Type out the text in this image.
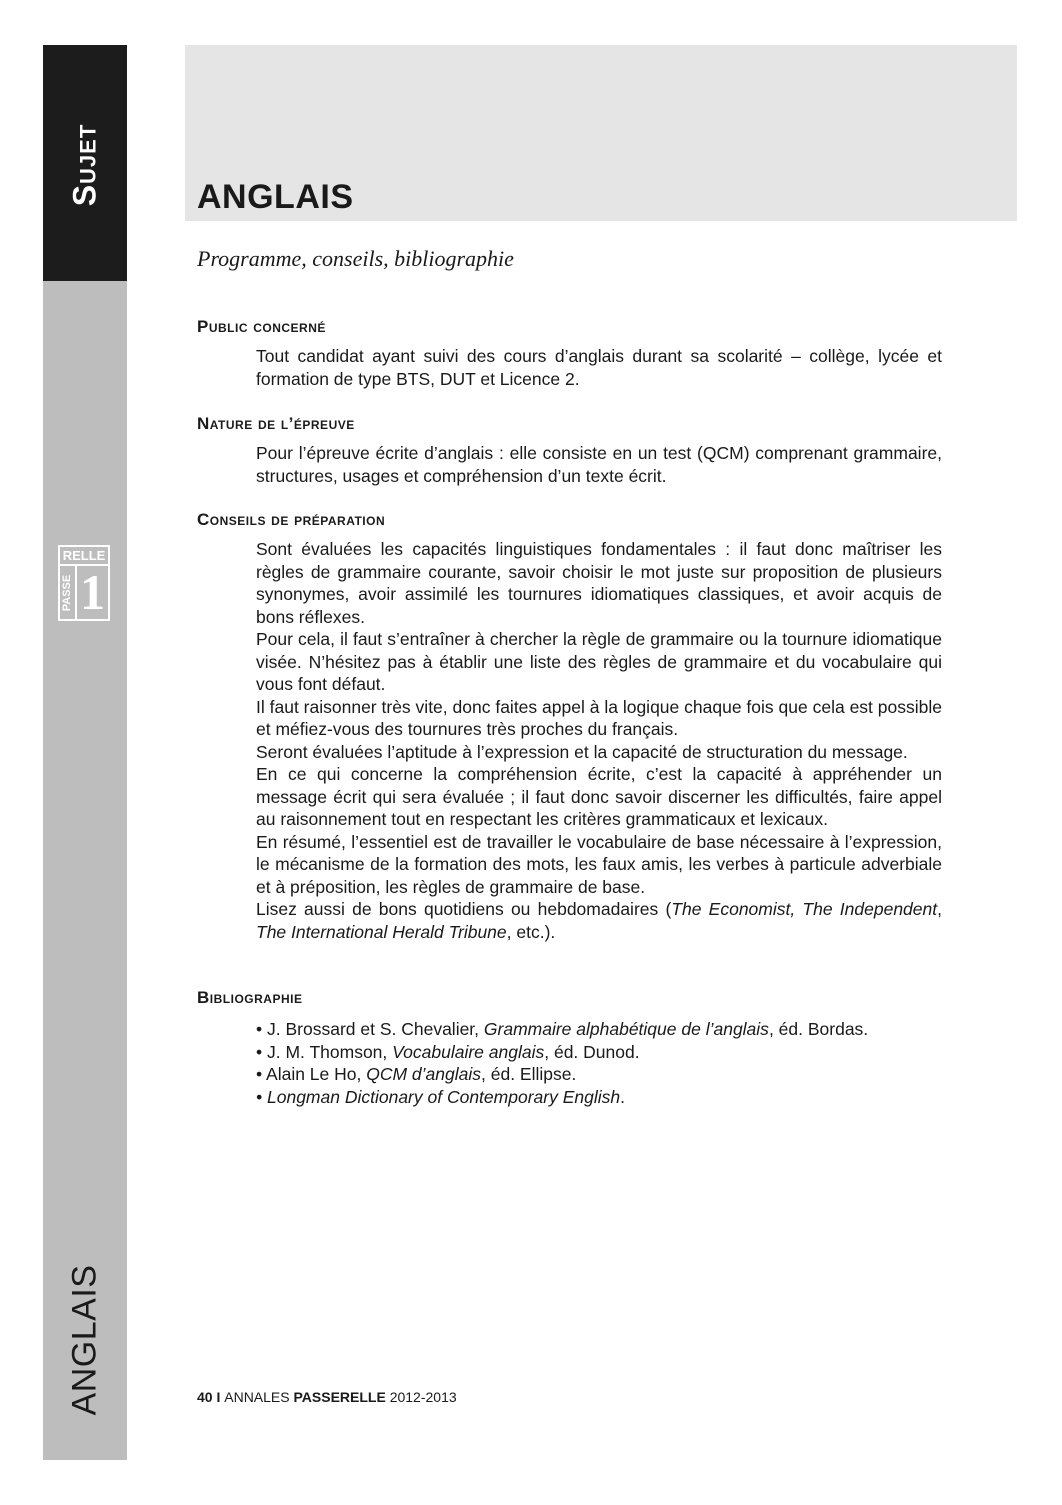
Sujet
ANGLAIS
RELLE
PASSE 1
ANGLAIS
Programme, conseils, bibliographie
Public concerné

Tout candidat ayant suivi des cours d’anglais durant sa scolarité – collège, lycée et formation de type BTS, DUT et Licence 2.

Nature de l’épreuve

Pour l’épreuve écrite d’anglais : elle consiste en un test (QCM) comprenant grammaire, structures, usages et compréhension d’un texte écrit.

Conseils de préparation

Sont évaluées les capacités linguistiques fondamentales : il faut donc maîtriser les règles de grammaire courante, savoir choisir le mot juste sur proposition de plusieurs synonymes, avoir assimilé les tournures idiomatiques classiques, et avoir acquis de bons réflexes.

Pour cela, il faut s’entraîner à chercher la règle de grammaire ou la tournure idiomatique visée. N’hésitez pas à établir une liste des règles de grammaire et du vocabulaire qui vous font défaut.

Il faut raisonner très vite, donc faites appel à la logique chaque fois que cela est possible et méfiez-vous des tournures très proches du français.

Seront évaluées l’aptitude à l’expression et la capacité de structuration du message.

En ce qui concerne la compréhension écrite, c’est la capacité à appréhender un message écrit qui sera évaluée ; il faut donc savoir discerner les difficultés, faire appel au raisonnement tout en respectant les critères grammaticaux et lexicaux.

En résumé, l’essentiel est de travailler le vocabulaire de base nécessaire à l’expression, le mécanisme de la formation des mots, les faux amis, les verbes à particule adverbiale et à préposition, les règles de grammaire de base.

Lisez aussi de bons quotidiens ou hebdomadaires (The Economist, The Independent, The International Herald Tribune, etc.).

Bibliographie
• J. Brossard et S. Chevalier, Grammaire alphabétique de l’anglais, éd. Bordas.
• J. M. Thomson, Vocabulaire anglais, éd. Dunod.
• Alain Le Ho, QCM d’anglais, éd. Ellipse.
• Longman Dictionary of Contemporary English.
40 I ANNALES PASSERELLE 2012-2013
